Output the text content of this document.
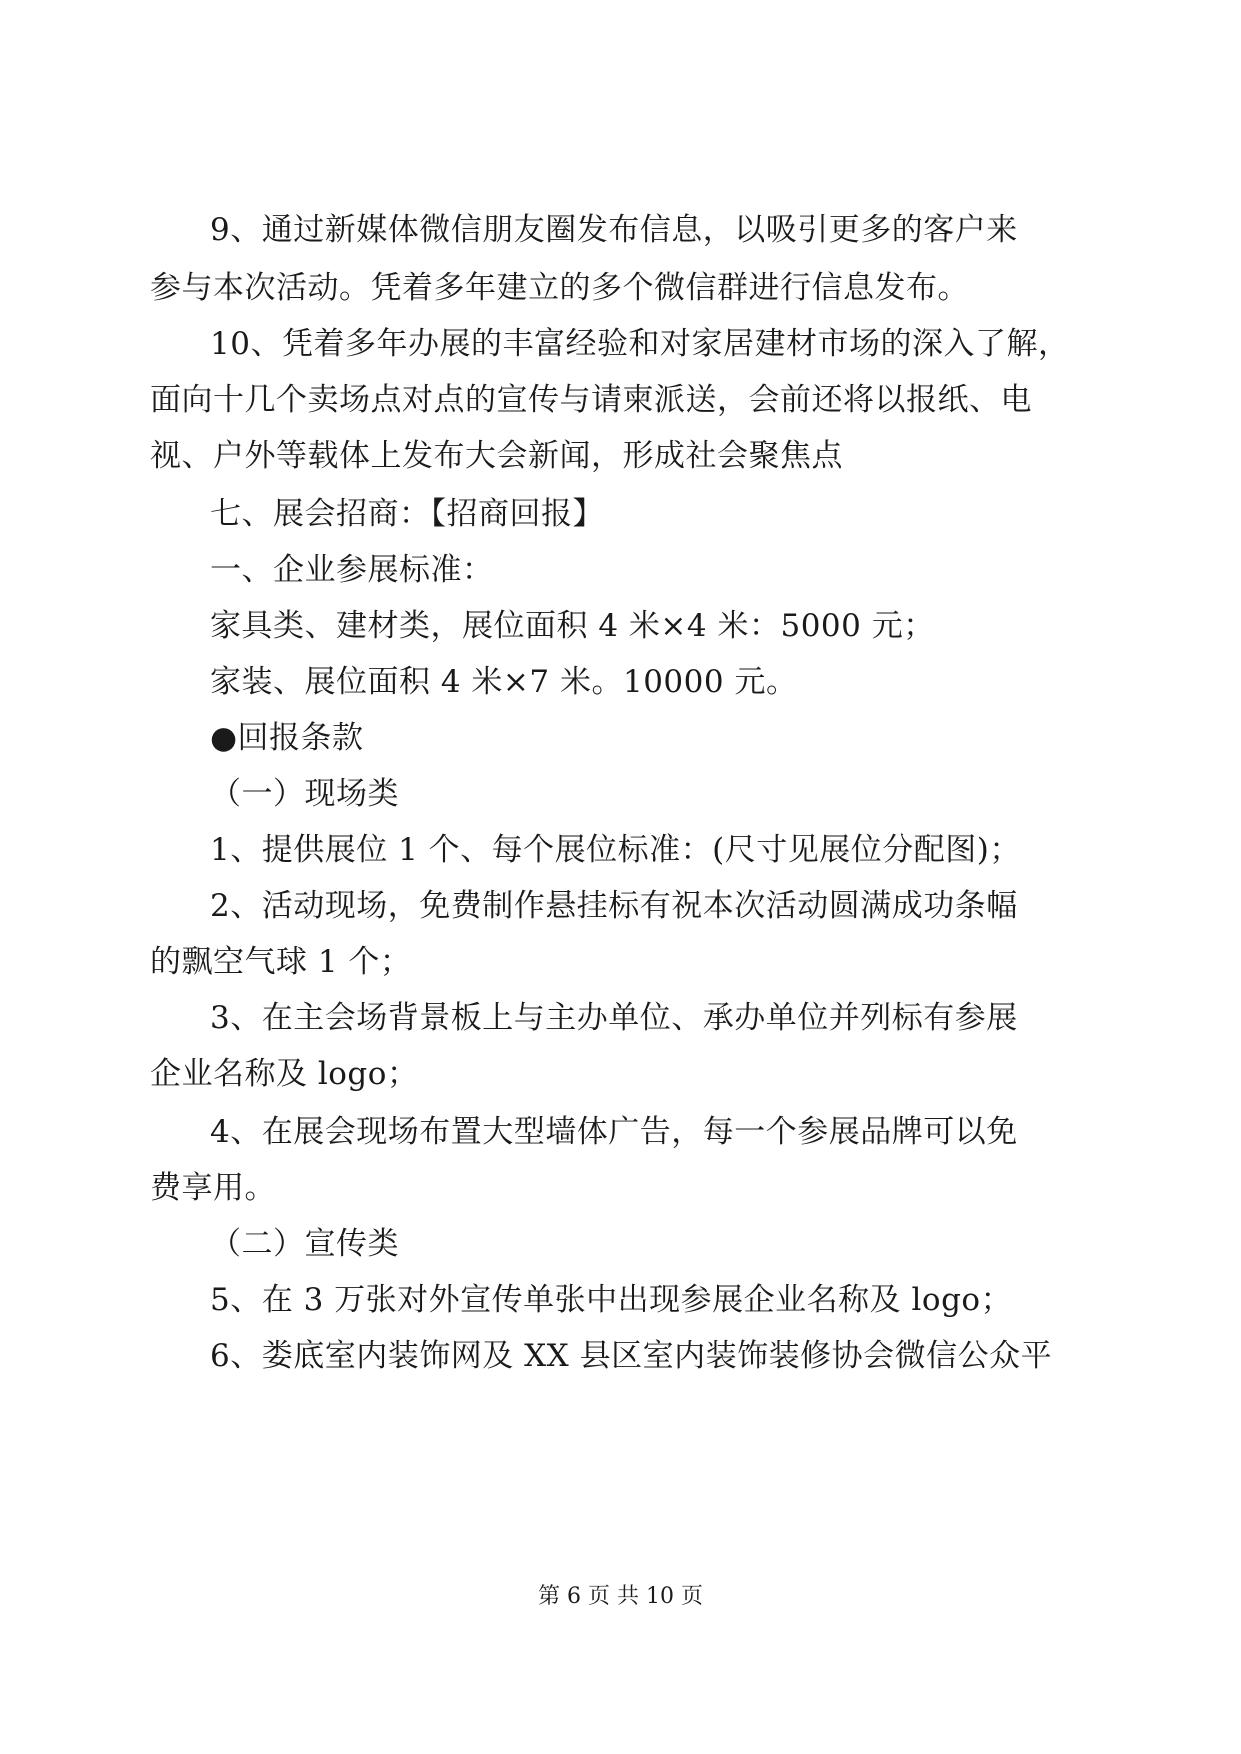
9、通过新媒体微信朋友圈发布信息，以吸引更多的客户来
参与本次活动。凭着多年建立的多个微信群进行信息发布。
10、凭着多年办展的丰富经验和对家居建材市场的深入了解，
面向十几个卖场点对点的宣传与请柬派送，会前还将以报纸、电
视、户外等载体上发布大会新闻，形成社会聚焦点
七、展会招商：【招商回报】
一、企业参展标准：
家具类、建材类，展位面积 4 米×4 米：5000 元；
家装、展位面积 4 米×7 米。10000 元。
●回报条款
（一）现场类
1、提供展位 1 个、每个展位标准：(尺寸见展位分配图)；
2、活动现场，免费制作悬挂标有祝本次活动圆满成功条幅
的飘空气球 1 个；
3、在主会场背景板上与主办单位、承办单位并列标有参展
企业名称及 logo；
4、在展会现场布置大型墙体广告，每一个参展品牌可以免
费享用。
（二）宣传类
5、在 3 万张对外宣传单张中出现参展企业名称及 logo；
6、娄底室内装饰网及 XX 县区室内装饰装修协会微信公众平
第 6 页 共 10 页
